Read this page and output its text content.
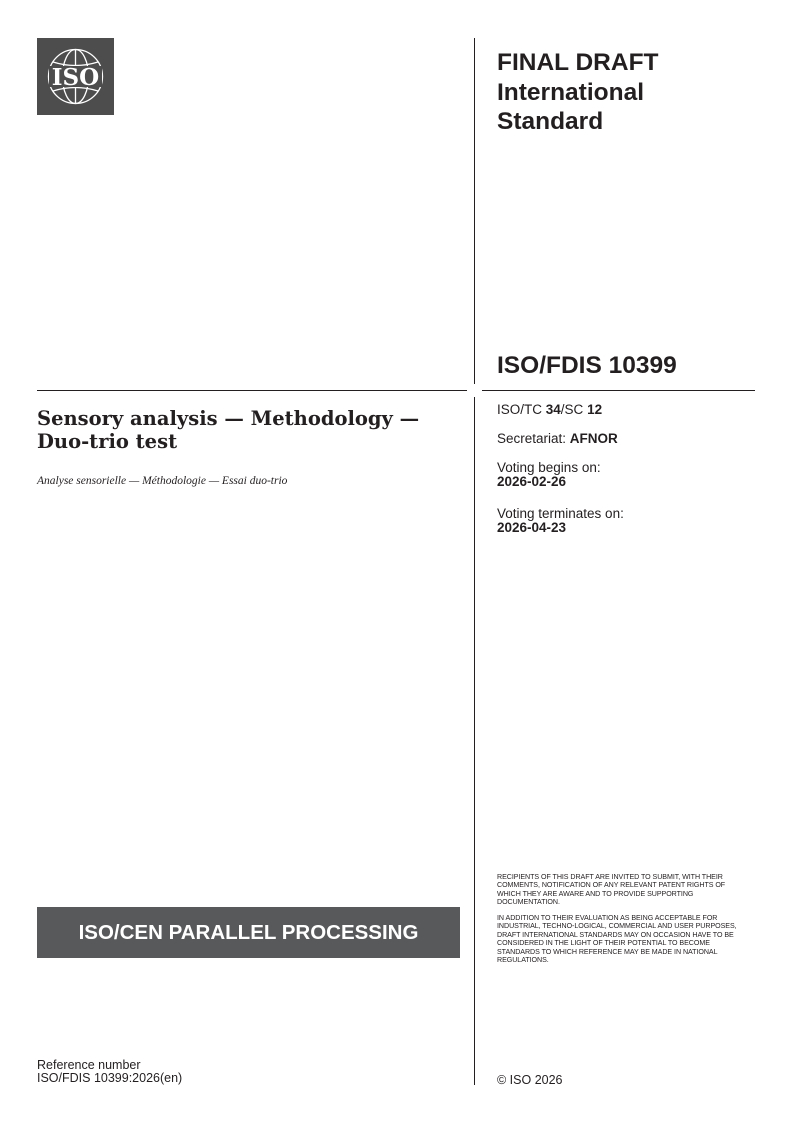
ISO
FINAL DRAFT
International
Standard
ISO/FDIS 10399
Sensory analysis — Methodology — Duo-trio test
Analyse sensorielle — Méthodologie — Essai duo-trio
ISO/TC 34/SC 12
Secretariat: AFNOR
Voting begins on:
2026-02-26
Voting terminates on:
2026-04-23
RECIPIENTS OF THIS DRAFT ARE INVITED TO SUBMIT, WITH THEIR COMMENTS, NOTIFICATION OF ANY RELEVANT PATENT RIGHTS OF WHICH THEY ARE AWARE AND TO PROVIDE SUPPORTING DOCUMENTATION.
IN ADDITION TO THEIR EVALUATION AS BEING ACCEPTABLE FOR INDUSTRIAL, TECHNO-LOGICAL, COMMERCIAL AND USER PURPOSES, DRAFT INTERNATIONAL STANDARDS MAY ON OCCASION HAVE TO BE CONSIDERED IN THE LIGHT OF THEIR POTENTIAL TO BECOME STANDARDS TO WHICH REFERENCE MAY BE MADE IN NATIONAL REGULATIONS.
ISO/CEN PARALLEL PROCESSING
Reference number
ISO/FDIS 10399:2026(en)	© ISO 2026
